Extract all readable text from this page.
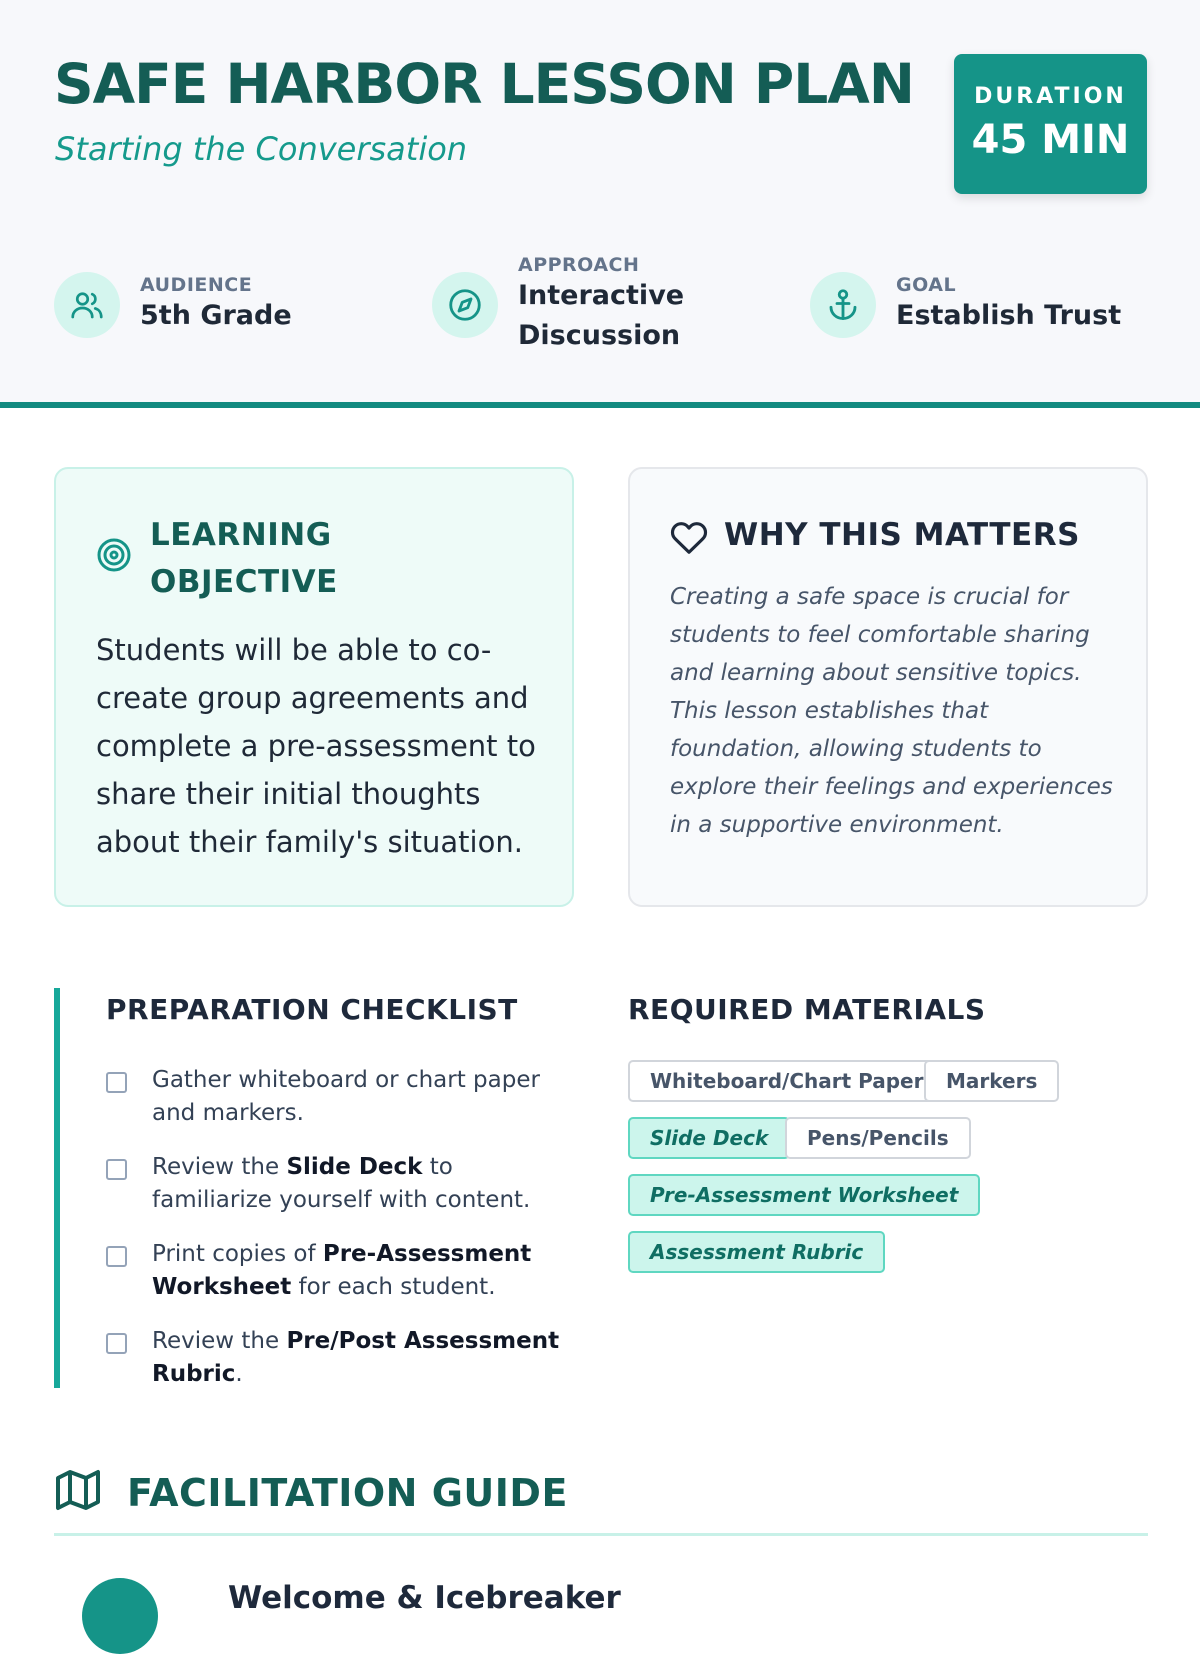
SAFE HARBOR LESSON PLAN
Starting the Conversation
DURATION
45 MIN
AUDIENCE
5th Grade
APPROACH
Interactive
Discussion
GOAL
Establish Trust
LEARNING
OBJECTIVE

Students will be able to co-create group agreements and complete a pre-assessment to share their initial thoughts about their family's situation.

WHY THIS MATTERS

Creating a safe space is crucial for students to feel comfortable sharing and learning about sensitive topics. This lesson establishes that foundation, allowing students to explore their feelings and experiences in a supportive environment.

PREPARATION CHECKLIST
Gather whiteboard or chart paper and markers.
Review the Slide Deck to familiarize yourself with content.
Print copies of Pre-Assessment Worksheet for each student.
Review the Pre/Post Assessment Rubric.
REQUIRED MATERIALS
Whiteboard/Chart Paper	Markers
Slide Deck	Pens/Pencils
Pre-Assessment Worksheet
Assessment Rubric
FACILITATION GUIDE
Welcome & Icebreaker
